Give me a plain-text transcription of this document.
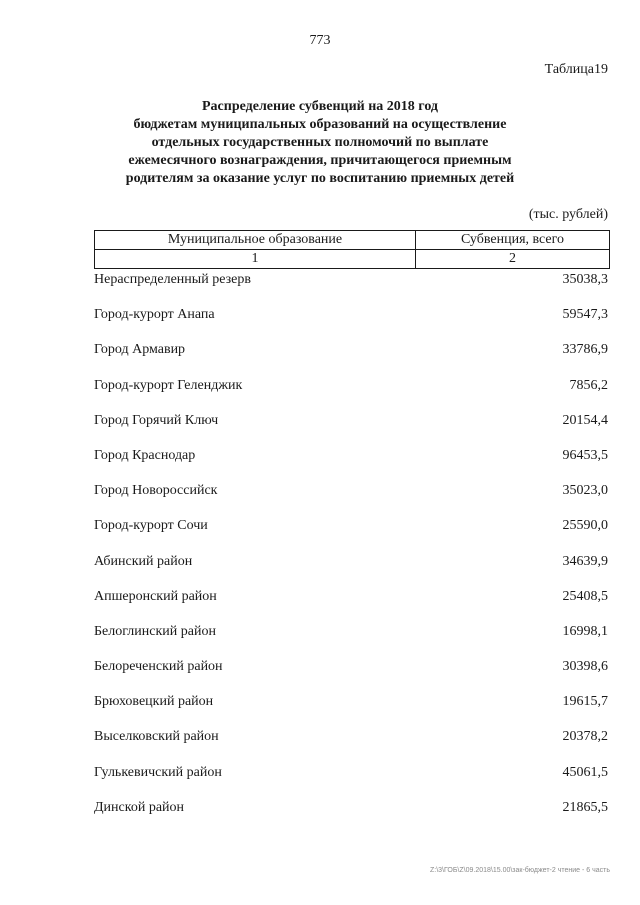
773
Таблица19
Распределение субвенций на 2018 год
бюджетам муниципальных образований на осуществление
отдельных государственных полномочий по выплате
ежемесячного вознаграждения, причитающегося приемным
родителям за оказание услуг по воспитанию приемных детей
(тыс. рублей)
Муниципальное образование	Субвенция, всего
1	2
Нераспределенный резерв	35038,3
Город-курорт Анапа	59547,3
Город Армавир	33786,9
Город-курорт Геленджик	7856,2
Город Горячий Ключ	20154,4
Город Краснодар	96453,5
Город Новороссийск	35023,0
Город-курорт Сочи	25590,0
Абинский район	34639,9
Апшеронский район	25408,5
Белоглинский район	16998,1
Белореченский район	30398,6
Брюховецкий район	19615,7
Выселковский район	20378,2
Гулькевичский район	45061,5
Динской район	21865,5
Z:\3\ГОБ\Z\09.2018\15.00\зак-бюджет-2 чтение - 6 часть
